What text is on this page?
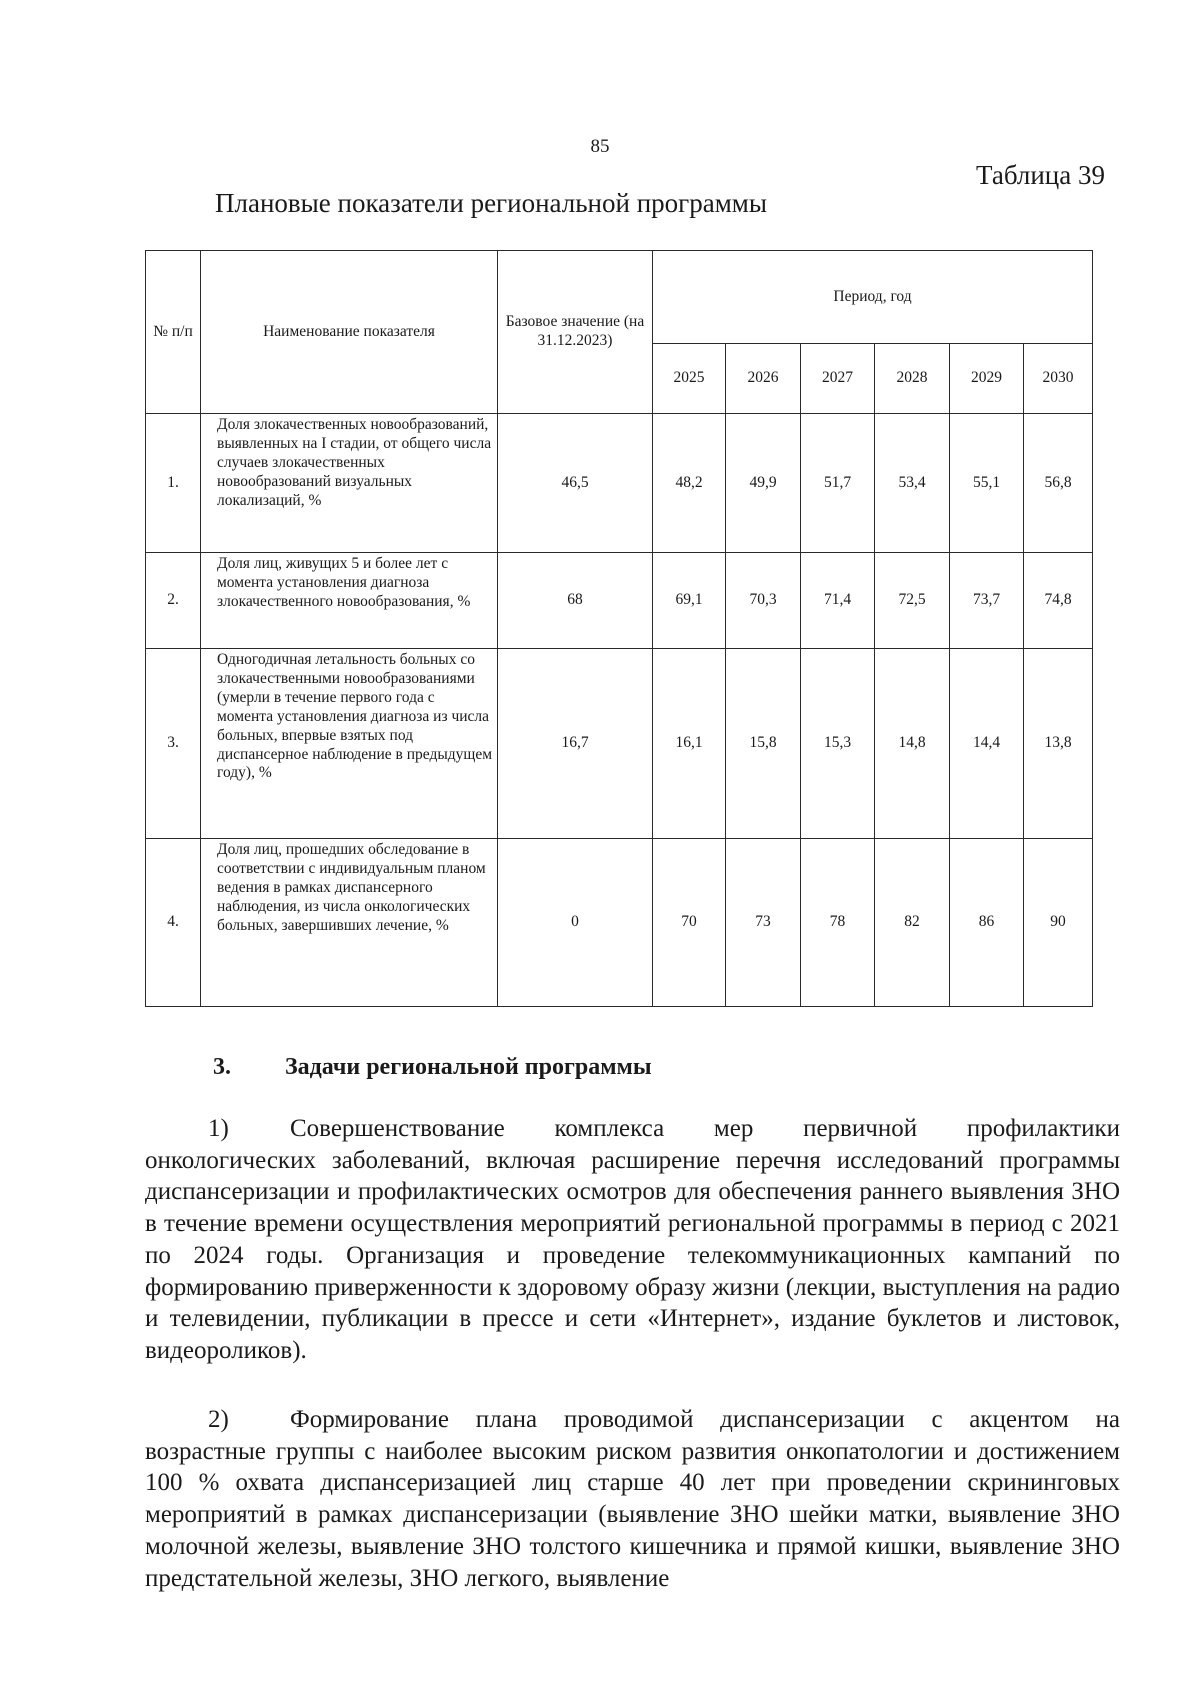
85
Таблица 39
Плановые показатели региональной программы
№ п/п	Наименование показателя	Базовое значение (на 31.12.2023)	Период, год					
			2025	2026	2027	2028	2029	2030
1.	Доля злокачественных новообразований, выявленных на I стадии, от общего числа случаев злокачественных новообразований визуальных локализаций, %	46,5	48,2	49,9	51,7	53,4	55,1	56,8
2.	Доля лиц, живущих 5 и более лет с момента установления диагноза злокачественного новообразования, %	68	69,1	70,3	71,4	72,5	73,7	74,8
3.	Одногодичная летальность больных со злокачественными новообразованиями (умерли в течение первого года с момента установления диагноза из числа больных, впервые взятых под диспансерное наблюдение в предыдущем году), %	16,7	16,1	15,8	15,3	14,8	14,4	13,8
4.	Доля лиц, прошедших обследование в соответствии с индивидуальным планом ведения в рамках диспансерного наблюдения, из числа онкологических больных, завершивших лечение, %	0	70	73	78	82	86	90
3. Задачи региональной программы

1) Совершенствование комплекса мер первичной профилактики онкологических заболеваний, включая расширение перечня исследований программы диспансеризации и профилактических осмотров для обеспечения раннего выявления ЗНО в течение времени осуществления мероприятий региональной программы в период с 2021 по 2024 годы. Организация и проведение телекоммуникационных кампаний по формированию приверженности к здоровому образу жизни (лекции, выступления на радио и телевидении, публикации в прессе и сети «Интернет», издание буклетов и листовок, видеороликов).

2) Формирование плана проводимой диспансеризации с акцентом на возрастные группы с наиболее высоким риском развития онкопатологии и достижением 100 % охвата диспансеризацией лиц старше 40 лет при проведении скрининговых мероприятий в рамках диспансеризации (выявление ЗНО шейки матки, выявление ЗНО молочной железы, выявление ЗНО толстого кишечника и прямой кишки, выявление ЗНО предстательной железы, ЗНО легкого, выявление
